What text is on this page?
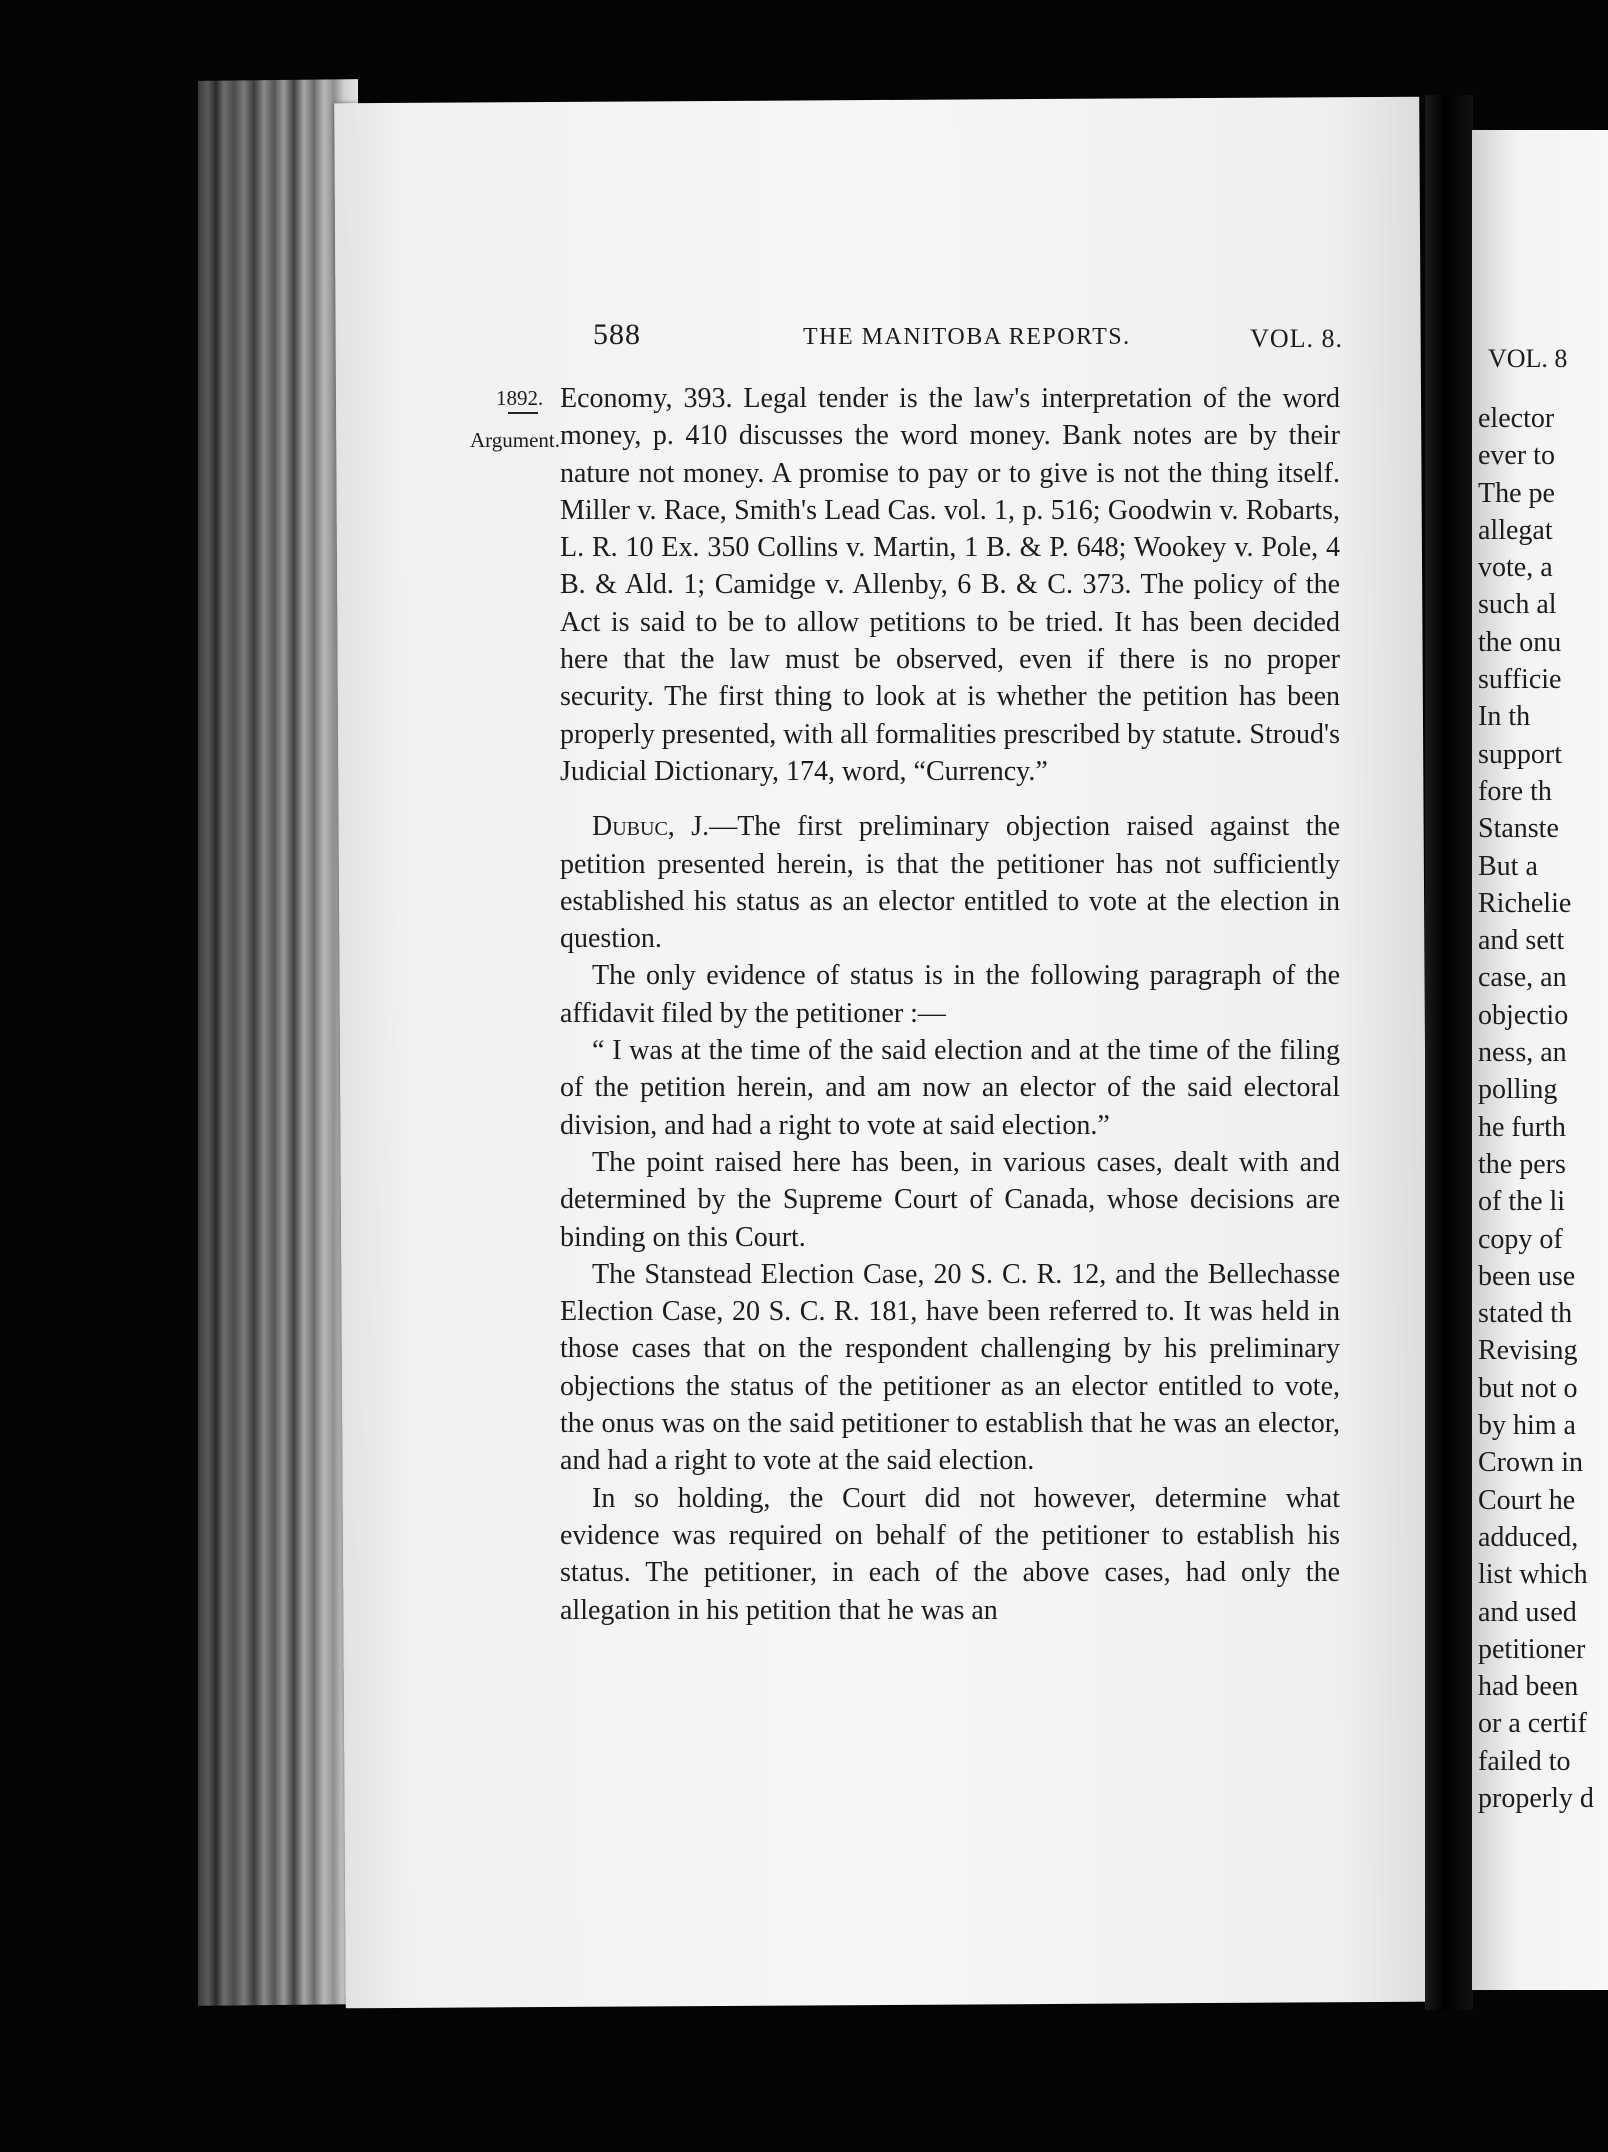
588	THE MANITOBA REPORTS.	VOL. 8.
1892.
Argument.

Economy, 393. Legal tender is the law's interpretation of the word money, p. 410 discusses the word money. Bank notes are by their nature not money. A promise to pay or to give is not the thing itself. Miller v. Race, Smith's Lead Cas. vol. 1, p. 516; Goodwin v. Robarts, L. R. 10 Ex. 350 Collins v. Martin, 1 B. & P. 648; Wookey v. Pole, 4 B. & Ald. 1; Camidge v. Allenby, 6 B. & C. 373. The policy of the Act is said to be to allow petitions to be tried. It has been decided here that the law must be observed, even if there is no proper security. The first thing to look at is whether the petition has been properly presented, with all formalities prescribed by statute. Stroud's Judicial Dictionary, 174, word, “Currency.”

Dubuc, J.—The first preliminary objection raised against the petition presented herein, is that the petitioner has not sufficiently established his status as an elector entitled to vote at the election in question.

The only evidence of status is in the following paragraph of the affidavit filed by the petitioner :—

“ I was at the time of the said election and at the time of the filing of the petition herein, and am now an elector of the said electoral division, and had a right to vote at said election.”

The point raised here has been, in various cases, dealt with and determined by the Supreme Court of Canada, whose decisions are binding on this Court.

The Stanstead Election Case, 20 S. C. R. 12, and the Bellechasse Election Case, 20 S. C. R. 181, have been referred to. It was held in those cases that on the respondent challenging by his preliminary objections the status of the petitioner as an elector entitled to vote, the onus was on the said petitioner to establish that he was an elector, and had a right to vote at the said election.

In so holding, the Court did not however, determine what evidence was required on behalf of the petitioner to establish his status. The petitioner, in each of the above cases, had only the allegation in his petition that he was an

VOL. 8
elector
ever to
The pe
allegat
vote, a
such al
the onu
sufficie
In th
support
fore th
Stanste
But a
Richelie
and sett
case, an
objectio
ness, an
polling
he furth
the pers
of the li
copy of
been use
stated th
Revising
but not o
by him a
Crown in
Court he
adduced,
list which
and used
petitioner
had been
or a certif
failed to
properly d
